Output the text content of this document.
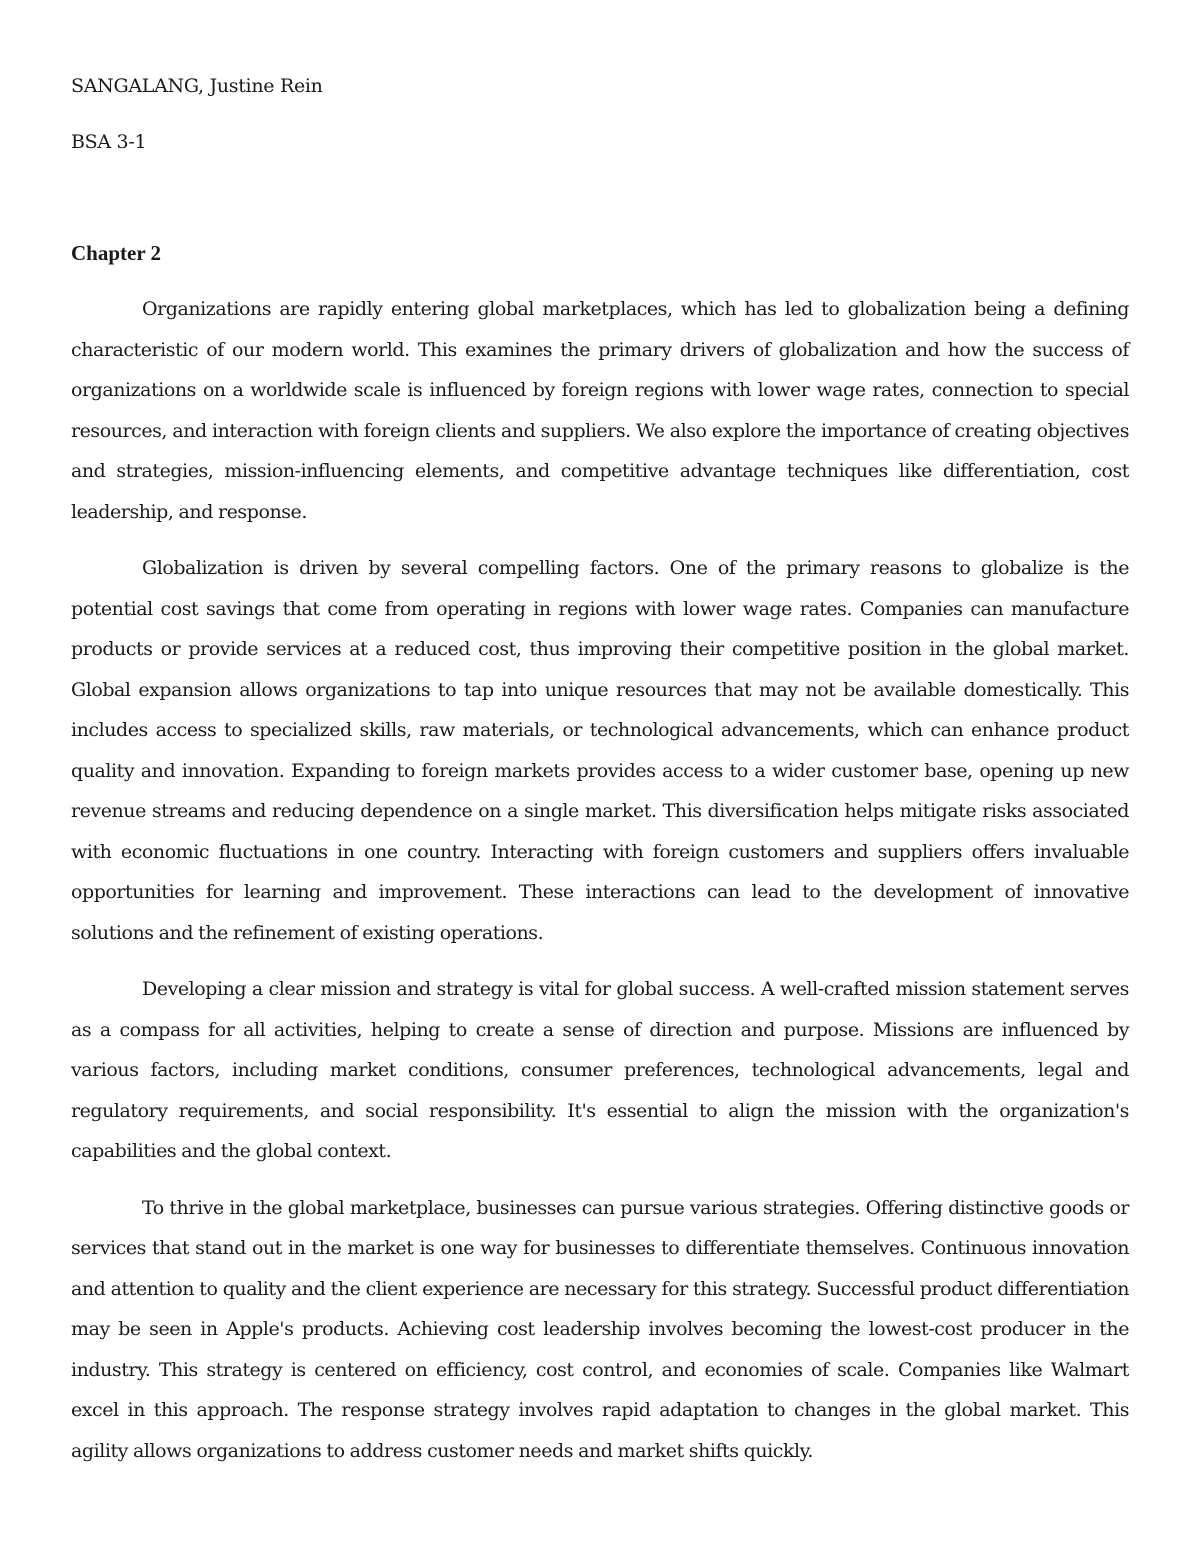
SANGALANG, Justine Rein

BSA 3-1

Chapter 2

Organizations are rapidly entering global marketplaces, which has led to globalization being a defining characteristic of our modern world. This examines the primary drivers of globalization and how the success of organizations on a worldwide scale is influenced by foreign regions with lower wage rates, connection to special resources, and interaction with foreign clients and suppliers. We also explore the importance of creating objectives and strategies, mission-influencing elements, and competitive advantage techniques like differentiation, cost leadership, and response.

Globalization is driven by several compelling factors. One of the primary reasons to globalize is the potential cost savings that come from operating in regions with lower wage rates. Companies can manufacture products or provide services at a reduced cost, thus improving their competitive position in the global market. Global expansion allows organizations to tap into unique resources that may not be available domestically. This includes access to specialized skills, raw materials, or technological advancements, which can enhance product quality and innovation. Expanding to foreign markets provides access to a wider customer base, opening up new revenue streams and reducing dependence on a single market. This diversification helps mitigate risks associated with economic fluctuations in one country. Interacting with foreign customers and suppliers offers invaluable opportunities for learning and improvement. These interactions can lead to the development of innovative solutions and the refinement of existing operations.

Developing a clear mission and strategy is vital for global success. A well-crafted mission statement serves as a compass for all activities, helping to create a sense of direction and purpose. Missions are influenced by various factors, including market conditions, consumer preferences, technological advancements, legal and regulatory requirements, and social responsibility. It's essential to align the mission with the organization's capabilities and the global context.

To thrive in the global marketplace, businesses can pursue various strategies. Offering distinctive goods or services that stand out in the market is one way for businesses to differentiate themselves. Continuous innovation and attention to quality and the client experience are necessary for this strategy. Successful product differentiation may be seen in Apple's products. Achieving cost leadership involves becoming the lowest-cost producer in the industry. This strategy is centered on efficiency, cost control, and economies of scale. Companies like Walmart excel in this approach. The response strategy involves rapid adaptation to changes in the global market. This agility allows organizations to address customer needs and market shifts quickly.
